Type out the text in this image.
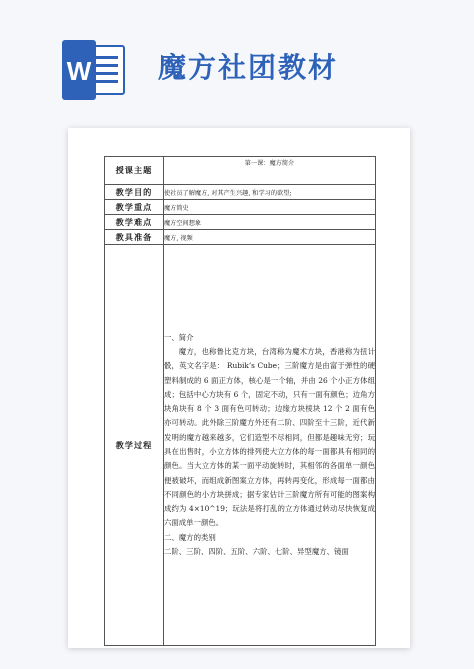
W 魔方社团教材
授课主题	第一课：魔方简介
教学目的	使社员了解魔方, 对其产生兴趣, 和学习的欲望;
教学重点	魔方简史
教学难点	魔方空间想象
教具准备	魔方, 视频
教学过程	一、简介
魔方，也称鲁比克方块，台湾称为魔术方块，香港称为扭计骰，英文名字是： Rubik’s Cube；三阶魔方是由富于弹性的硬塑料制成的 6 面正方体，核心是一个轴，并由 26 个小正方体组成；包括中心方块有 6 个，固定不动，只有一面有颜色；边角方块角块有 8 个 3 面有色可转动；边缘方块棱块 12 个 2 面有色亦可转动。此外除三阶魔方外还有二阶、四阶至十三阶，近代新发明的魔方越来越多，它们造型不尽相同，但都是趣味无穷；玩具在出售时，小立方体的排列使大立方体的每一面都具有相同的颜色。当大立方体的某一面平动旋转时，其相邻的各面单一颜色便被破坏，而组成新图案立方体，再转再变化，形成每一面都由不同颜色的小方块拼成；据专家估计三阶魔方所有可能的图案构成约为 4×10^19；玩法是将打乱的立方体通过转动尽快恢复成六面成单一颜色。
二、魔方的类别
二阶、三阶、四阶、五阶、六阶、七阶、异型魔方、镜面
